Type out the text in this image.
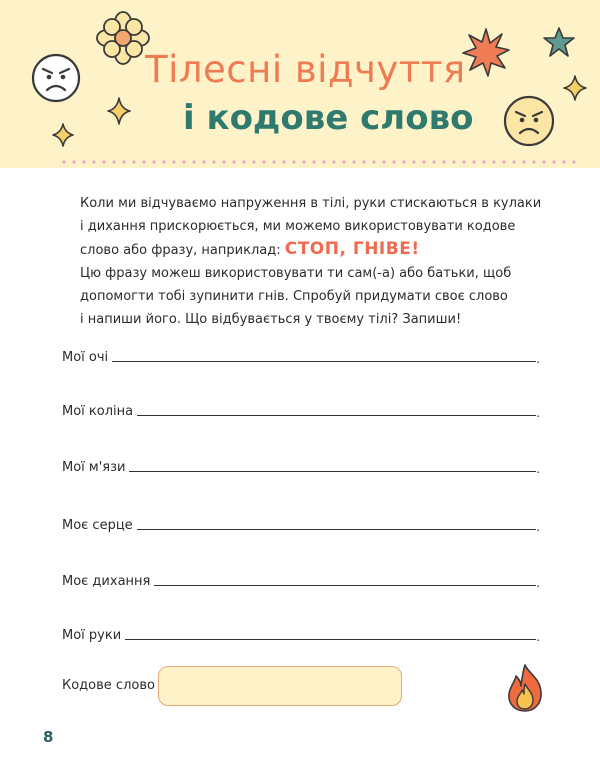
Тілесні відчуття
і кодове слово

Коли ми відчуваємо напруження в тілі, руки стискаються в кулаки

і дихання прискорюється, ми можемо використовувати кодове

слово або фразу, наприклад: СТОП, ГНІВЕ!

Цю фразу можеш використовувати ти сам(-а) або батьки, щоб

допомогти тобі зупинити гнів. Спробуй придумати своє слово

і напиши його. Що відбувається у твоєму тілі? Запиши!

Мої очі	.
Мої коліна	.
Мої м'язи	.
Моє серце	.
Моє дихання	.
Мої руки	.
Кодове слово
8
